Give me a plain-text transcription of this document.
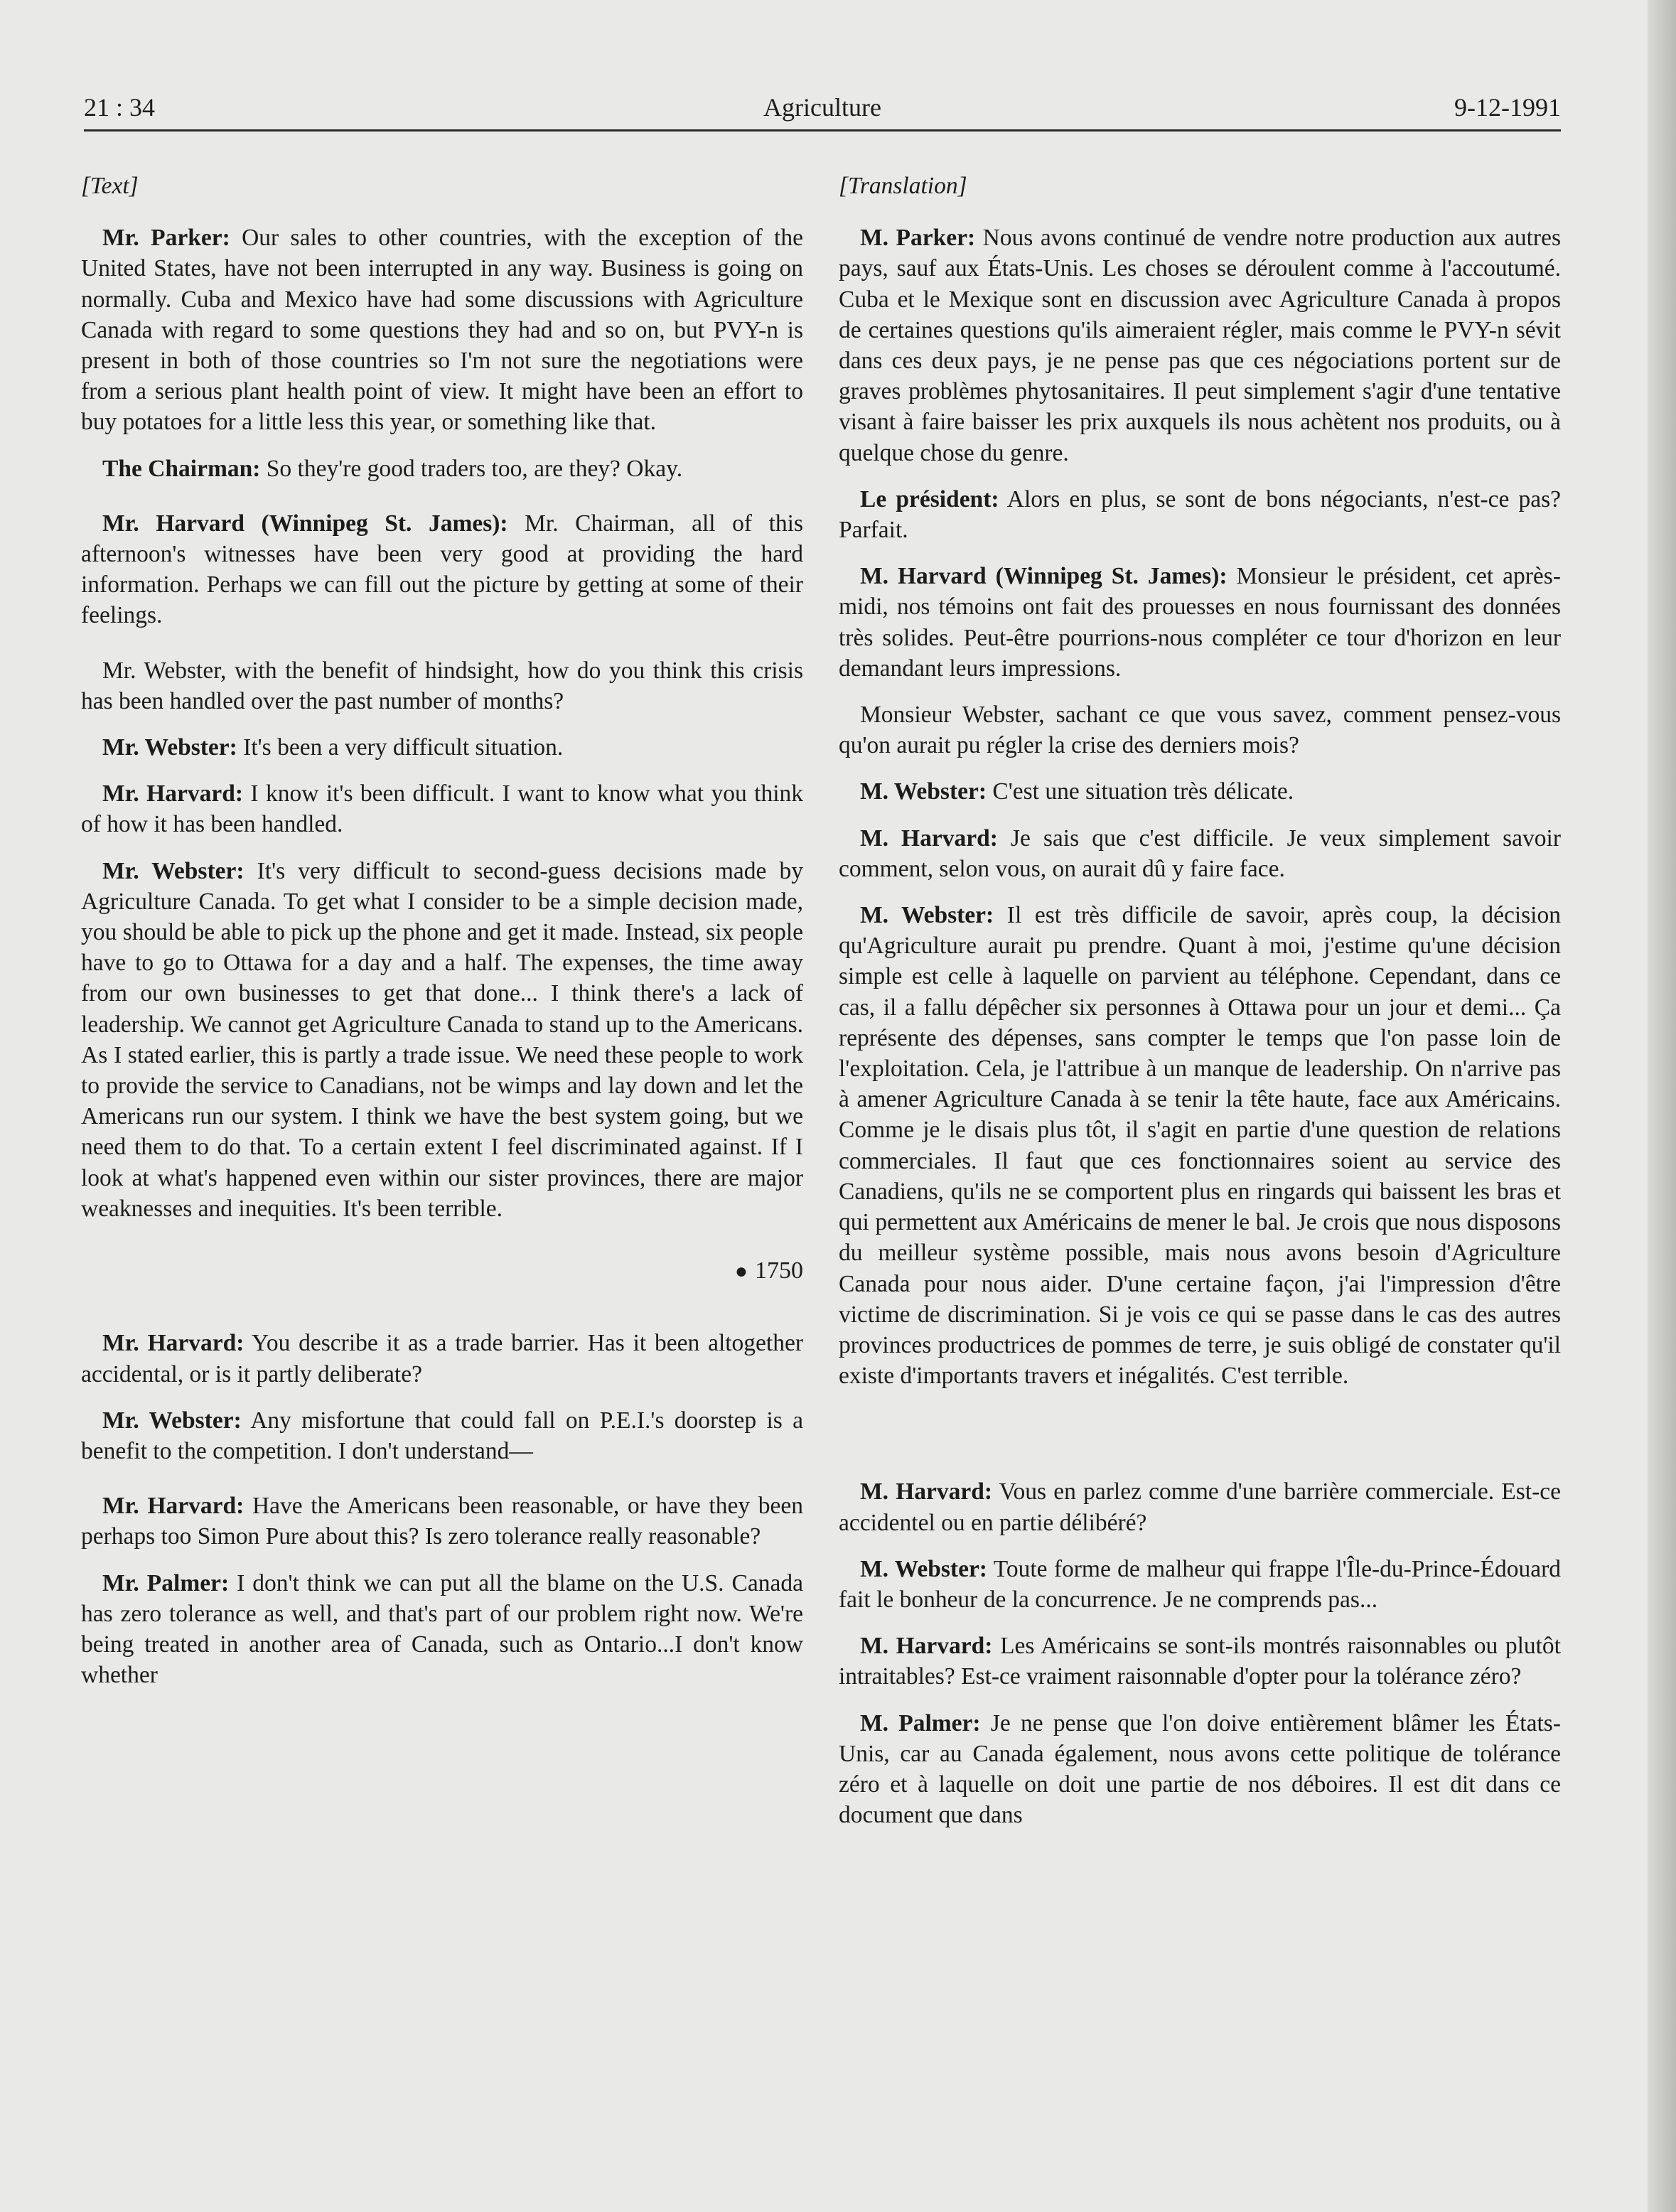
21 : 34	Agriculture	9-12-1991

[Text]

Mr. Parker: Our sales to other countries, with the exception of the United States, have not been interrupted in any way. Business is going on normally. Cuba and Mexico have had some discussions with Agriculture Canada with regard to some questions they had and so on, but PVY-n is present in both of those countries so I'm not sure the negotiations were from a serious plant health point of view. It might have been an effort to buy potatoes for a little less this year, or something like that.

The Chairman: So they're good traders too, are they? Okay.

Mr. Harvard (Winnipeg St. James): Mr. Chairman, all of this afternoon's witnesses have been very good at providing the hard information. Perhaps we can fill out the picture by getting at some of their feelings.

Mr. Webster, with the benefit of hindsight, how do you think this crisis has been handled over the past number of months?

Mr. Webster: It's been a very difficult situation.

Mr. Harvard: I know it's been difficult. I want to know what you think of how it has been handled.

Mr. Webster: It's very difficult to second-guess decisions made by Agriculture Canada. To get what I consider to be a simple decision made, you should be able to pick up the phone and get it made. Instead, six people have to go to Ottawa for a day and a half. The expenses, the time away from our own businesses to get that done... I think there's a lack of leadership. We cannot get Agriculture Canada to stand up to the Americans. As I stated earlier, this is partly a trade issue. We need these people to work to provide the service to Canadians, not be wimps and lay down and let the Americans run our system. I think we have the best system going, but we need them to do that. To a certain extent I feel discriminated against. If I look at what's happened even within our sister provinces, there are major weaknesses and inequities. It's been terrible.

● 1750

Mr. Harvard: You describe it as a trade barrier. Has it been altogether accidental, or is it partly deliberate?

Mr. Webster: Any misfortune that could fall on P.E.I.'s doorstep is a benefit to the competition. I don't understand—

Mr. Harvard: Have the Americans been reasonable, or have they been perhaps too Simon Pure about this? Is zero tolerance really reasonable?

Mr. Palmer: I don't think we can put all the blame on the U.S. Canada has zero tolerance as well, and that's part of our problem right now. We're being treated in another area of Canada, such as Ontario...I don't know whether

[Translation]

M. Parker: Nous avons continué de vendre notre production aux autres pays, sauf aux États-Unis. Les choses se déroulent comme à l'accoutumé. Cuba et le Mexique sont en discussion avec Agriculture Canada à propos de certaines questions qu'ils aimeraient régler, mais comme le PVY-n sévit dans ces deux pays, je ne pense pas que ces négociations portent sur de graves problèmes phytosanitaires. Il peut simplement s'agir d'une tentative visant à faire baisser les prix auxquels ils nous achètent nos produits, ou à quelque chose du genre.

Le président: Alors en plus, se sont de bons négociants, n'est-ce pas? Parfait.

M. Harvard (Winnipeg St. James): Monsieur le président, cet après-midi, nos témoins ont fait des prouesses en nous fournissant des données très solides. Peut-être pourrions-nous compléter ce tour d'horizon en leur demandant leurs impressions.

Monsieur Webster, sachant ce que vous savez, comment pensez-vous qu'on aurait pu régler la crise des derniers mois?

M. Webster: C'est une situation très délicate.

M. Harvard: Je sais que c'est difficile. Je veux simplement savoir comment, selon vous, on aurait dû y faire face.

M. Webster: Il est très difficile de savoir, après coup, la décision qu'Agriculture aurait pu prendre. Quant à moi, j'estime qu'une décision simple est celle à laquelle on parvient au téléphone. Cependant, dans ce cas, il a fallu dépêcher six personnes à Ottawa pour un jour et demi... Ça représente des dépenses, sans compter le temps que l'on passe loin de l'exploitation. Cela, je l'attribue à un manque de leadership. On n'arrive pas à amener Agriculture Canada à se tenir la tête haute, face aux Américains. Comme je le disais plus tôt, il s'agit en partie d'une question de relations commerciales. Il faut que ces fonctionnaires soient au service des Canadiens, qu'ils ne se comportent plus en ringards qui baissent les bras et qui permettent aux Américains de mener le bal. Je crois que nous disposons du meilleur système possible, mais nous avons besoin d'Agriculture Canada pour nous aider. D'une certaine façon, j'ai l'impression d'être victime de discrimination. Si je vois ce qui se passe dans le cas des autres provinces productrices de pommes de terre, je suis obligé de constater qu'il existe d'importants travers et inégalités. C'est terrible.

M. Harvard: Vous en parlez comme d'une barrière commerciale. Est-ce accidentel ou en partie délibéré?

M. Webster: Toute forme de malheur qui frappe l'Île-du-Prince-Édouard fait le bonheur de la concurrence. Je ne comprends pas...

M. Harvard: Les Américains se sont-ils montrés raisonnables ou plutôt intraitables? Est-ce vraiment raisonnable d'opter pour la tolérance zéro?

M. Palmer: Je ne pense que l'on doive entièrement blâmer les États-Unis, car au Canada également, nous avons cette politique de tolérance zéro et à laquelle on doit une partie de nos déboires. Il est dit dans ce document que dans
